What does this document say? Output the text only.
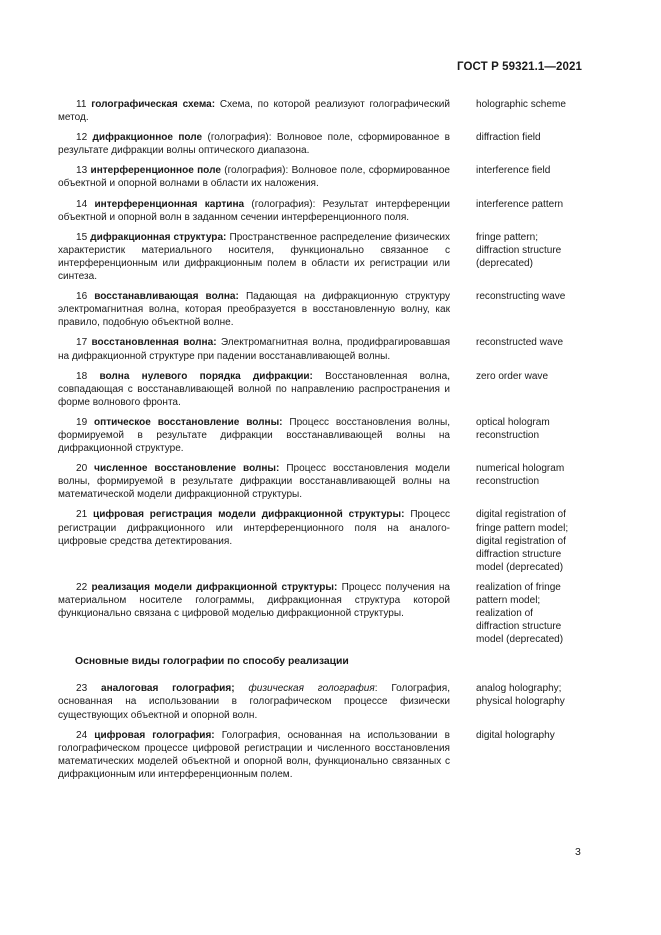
ГОСТ Р 59321.1—2021

11 голографическая схема: Схема, по которой реализуют голографический метод.

holographic scheme

12 дифракционное поле (голография): Волновое поле, сформированное в результате дифракции волны оптического диапазона.

diffraction field

13 интерференционное поле (голография): Волновое поле, сформированное объектной и опорной волнами в области их наложения.

interference field

14 интерференционная картина (голография): Результат интерференции объектной и опорной волн в заданном сечении интерференционного поля.

interference pattern

15 дифракционная структура: Пространственное распределение физических характеристик материального носителя, функционально связанное с интерференционным или дифракционным полем в области их регистрации или синтеза.

fringe pattern;
diffraction structure
(deprecated)

16 восстанавливающая волна: Падающая на дифракционную структуру электромагнитная волна, которая преобразуется в восстановленную волну, как правило, подобную объектной волне.

reconstructing wave

17 восстановленная волна: Электромагнитная волна, продифрагировавшая на дифракционной структуре при падении восстанавливающей волны.

reconstructed wave

18 волна нулевого порядка дифракции: Восстановленная волна, совпадающая с восстанавливающей волной по направлению распространения и форме волнового фронта.

zero order wave

19 оптическое восстановление волны: Процесс восстановления волны, формируемой в результате дифракции восстанавливающей волны на дифракционной структуре.

optical hologram
reconstruction

20 численное восстановление волны: Процесс восстановления модели волны, формируемой в результате дифракции восстанавливающей волны на математической модели дифракционной структуры.

numerical hologram
reconstruction

21 цифровая регистрация модели дифракционной структуры: Процесс регистрации дифракционного или интерференционного поля на аналого-цифровые средства детектирования.

digital registration of
fringe pattern model;
digital registration of
diffraction structure
model (deprecated)

22 реализация модели дифракционной структуры: Процесс получения на материальном носителе голограммы, дифракционная структура которой функционально связана с цифровой моделью дифракционной структуры.

realization of fringe
pattern model;
realization of
diffraction structure
model (deprecated)

Основные виды голографии по способу реализации

23 аналоговая голография; физическая голография: Голография, основанная на использовании в голографическом процессе физически существующих объектной и опорной волн.

analog holography;
physical holography

24 цифровая голография: Голография, основанная на использовании в голографическом процессе цифровой регистрации и численного восстановления математических моделей объектной и опорной волн, функционально связанных с дифракционным или интерференционным полем.

digital holography

3
